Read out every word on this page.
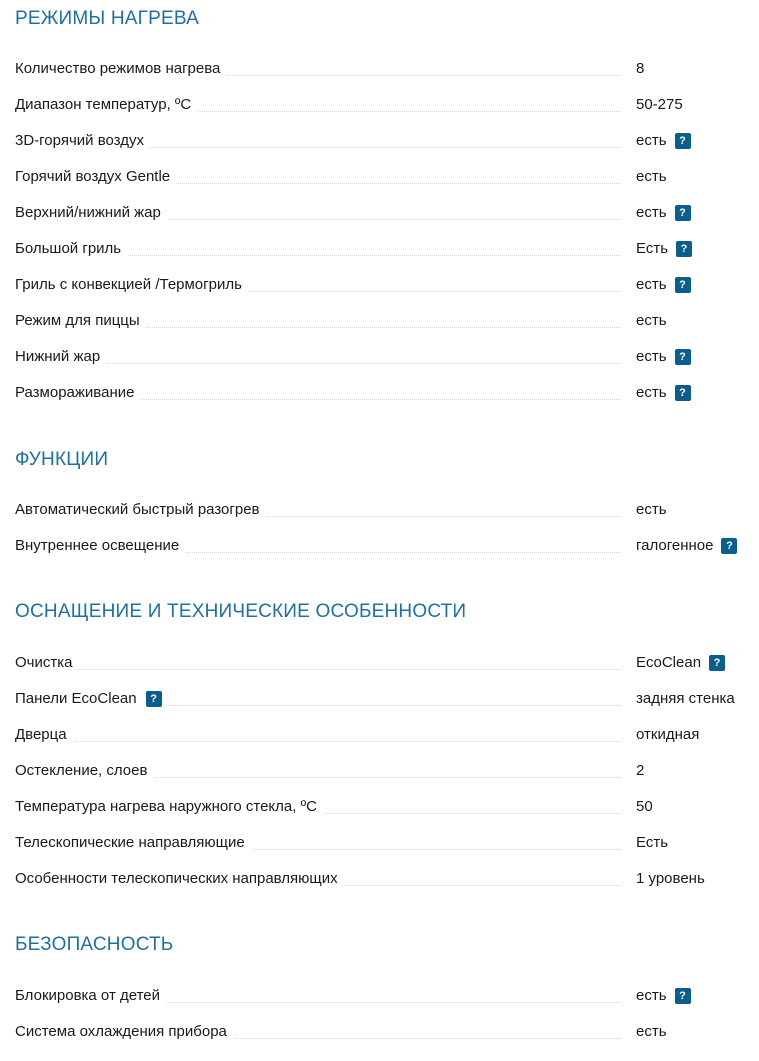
РЕЖИМЫ НАГРЕВА
Количество режимов нагрева	8
Диапазон температур, ºC	50-275
3D-горячий воздух	есть ?
Горячий воздух Gentle	есть
Верхний/нижний жар	есть ?
Большой гриль	Есть ?
Гриль с конвекцией /Термогриль	есть ?
Режим для пиццы	есть
Нижний жар	есть ?
Размораживание	есть ?
ФУНКЦИИ
Автоматический быстрый разогрев	есть
Внутреннее освещение	галогенное ?
ОСНАЩЕНИЕ И ТЕХНИЧЕСКИЕ ОСОБЕННОСТИ
Очистка	EcoClean ?
Панели EcoClean ?	задняя стенка
Дверца	откидная
Остекление, слоев	2
Температура нагрева наружного стекла, ºС	50
Телескопические направляющие	Есть
Особенности телескопических направляющих	1 уровень
БЕЗОПАСНОСТЬ
Блокировка от детей	есть ?
Система охлаждения прибора	есть
